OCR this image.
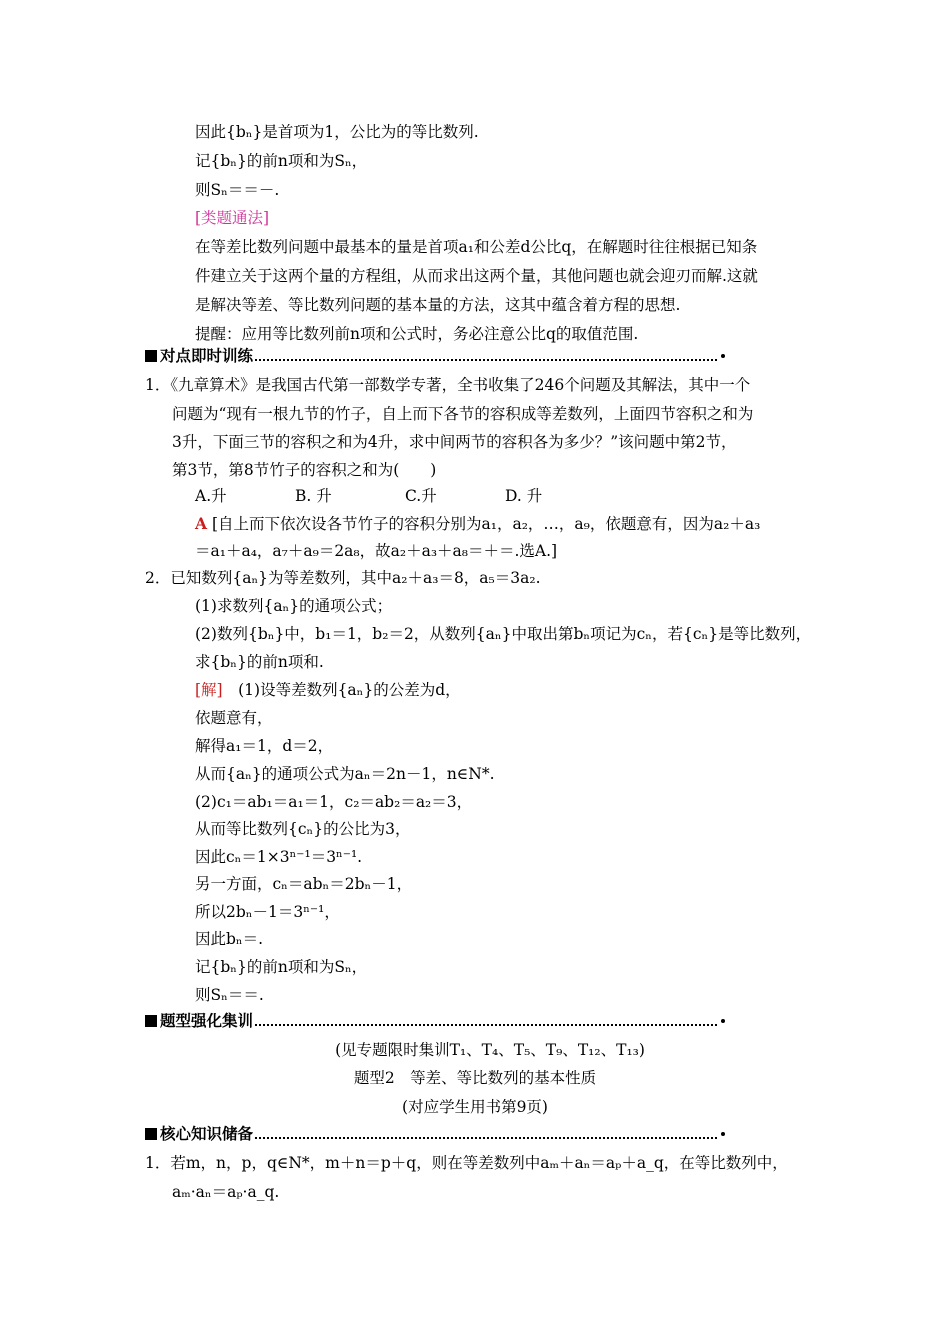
因此{bₙ}是首项为1，公比为的等比数列.
记{bₙ}的前n项和为Sₙ，
则Sₙ＝＝－.
[类题通法]
在等差比数列问题中最基本的量是首项a₁和公差d公比q，在解题时往往根据已知条
件建立关于这两个量的方程组，从而求出这两个量，其他问题也就会迎刃而解.这就
是解决等差、等比数列问题的基本量的方法，这其中蕴含着方程的思想.
提醒：应用等比数列前n项和公式时，务必注意公比q的取值范围.
对点即时训练
1．《九章算术》是我国古代第一部数学专著，全书收集了246个问题及其解法，其中一个
问题为“现有一根九节的竹子，自上而下各节的容积成等差数列，上面四节容积之和为
3升，下面三节的容积之和为4升，求中间两节的容积各为多少？”该问题中第2节，
第3节，第8节竹子的容积之和为(　　)
A.升	B. 升	C.升	D. 升
A [自上而下依次设各节竹子的容积分别为a₁，a₂，…，a₉，依题意有，因为a₂＋a₃
＝a₁＋a₄，a₇＋a₉＝2a₈，故a₂＋a₃＋a₈＝＋＝.选A.]
2．已知数列{aₙ}为等差数列，其中a₂＋a₃＝8，a₅＝3a₂.
(1)求数列{aₙ}的通项公式；
(2)数列{bₙ}中，b₁＝1，b₂＝2，从数列{aₙ}中取出第bₙ项记为cₙ，若{cₙ}是等比数列，
求{bₙ}的前n项和.
[解]　(1)设等差数列{aₙ}的公差为d，
依题意有，
解得a₁＝1，d＝2，
从而{aₙ}的通项公式为aₙ＝2n－1，n∈N*.
(2)c₁＝ab₁＝a₁＝1，c₂＝ab₂＝a₂＝3，
从而等比数列{cₙ}的公比为3，
因此cₙ＝1×3ⁿ⁻¹＝3ⁿ⁻¹.
另一方面，cₙ＝abₙ＝2bₙ－1，
所以2bₙ－1＝3ⁿ⁻¹，
因此bₙ＝.
记{bₙ}的前n项和为Sₙ，
则Sₙ＝＝.
题型强化集训
(见专题限时集训T₁、T₄、T₅、T₉、T₁₂、T₁₃)
题型2　等差、等比数列的基本性质
(对应学生用书第9页)
核心知识储备
1．若m，n，p，q∈N*，m＋n＝p＋q，则在等差数列中aₘ＋aₙ＝aₚ＋a_q，在等比数列中，
aₘ·aₙ＝aₚ·a_q.
